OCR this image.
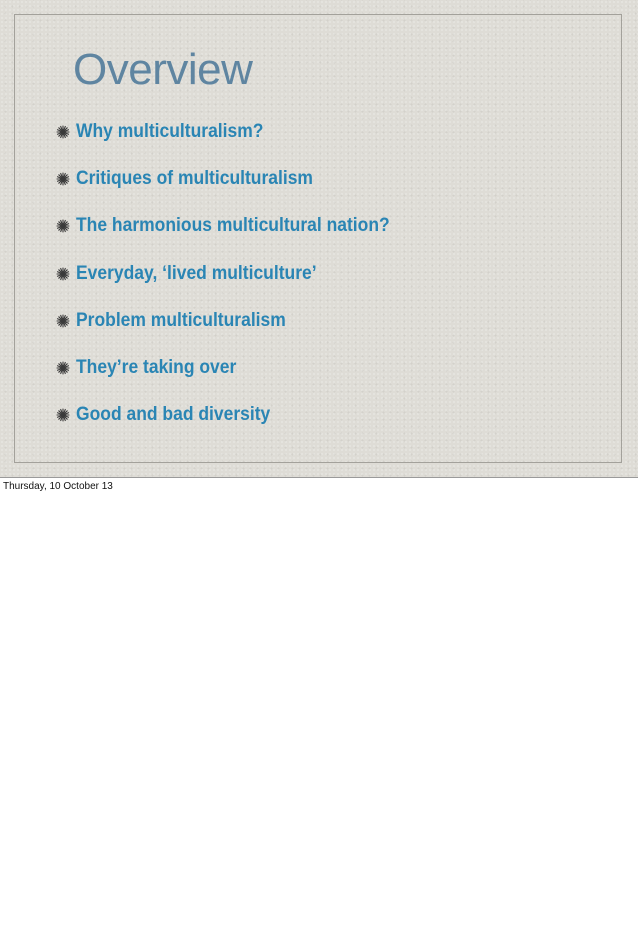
Overview
Why multiculturalism?
Critiques of multiculturalism
The harmonious multicultural nation?
Everyday, ‘lived multiculture’
Problem multiculturalism
They’re taking over
Good and bad diversity
Thursday, 10 October 13
